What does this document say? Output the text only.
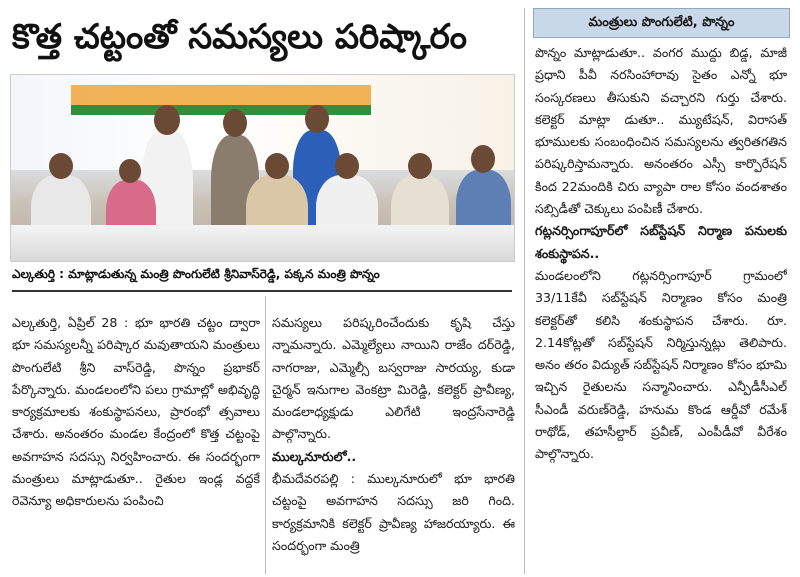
కొత్త చట్టంతో సమస్యలు పరిష్కారం
ఎల్కతుర్తి : మాట్లాడుతున్న మంత్రి పొంగులేటి శ్రీనివాస్‌రెడ్డి, పక్కన మంత్రి పొన్నం

ఎల్కతుర్తి, ఏప్రిల్ 28 : భూ భారతి చట్టం ద్వారా భూ సమస్యలన్నీ పరిష్కార మవుతాయని మంత్రులు పొంగులేటి శ్రీని వాస్‌రెడ్డి, పొన్నం ప్రభాకర్ పేర్కొన్నారు. మండలంలోని పలు గ్రామాల్లో అభివృద్ధి కార్యక్రమాలకు శంకుస్థాపనలు, ప్రారంభో త్సవాలు చేశారు. అనంతరం మండల కేంద్రంలో కొత్త చట్టంపై అవగాహన సదస్సు నిర్వహించారు. ఈ సందర్భంగా మంత్రులు మాట్లాడుతూ.. రైతుల ఇండ్ల వద్దకే రెవెన్యూ అధికారులను పంపించి

సమస్యలు పరిష్కరించేందుకు కృషి చేస్తు న్నామన్నారు. ఎమ్మెల్యేలు నాయిని రాజేం దర్‌రెడ్డి, నాగరాజు, ఎమ్మెల్సీ బస్వరాజు సారయ్య, కుడా చైర్మన్ ఇనుగాల వెంకట్రా మిరెడ్డి, కలెక్టర్ ప్రావీణ్య, మండలాధ్యక్షుడు ఎలిగేటి ఇంద్రసేనారెడ్డి పాల్గొన్నారు.

ముల్కనూరులో..

భీమదేవరపల్లి : ముల్కనూరులో భూ భారతి చట్టంపై అవగాహన సదస్సు జరి గింది. కార్యక్రమానికి కలెక్టర్ ప్రావీణ్య హాజరయ్యారు. ఈ సందర్భంగా మంత్రి

మంత్రులు పొంగులేటి, పొన్నం

పొన్నం మాట్లాడుతూ.. వంగర ముద్దు బిడ్డ, మాజీ ప్రధాని పీవీ నరసింహారావు సైతం ఎన్నో భూ సంస్కరణలు తీసుకుని వచ్చారని గుర్తు చేశారు. కలెక్టర్ మాట్లా డుతూ.. మ్యుటేషన్, విరాసత్ భూములకు సంబంధించిన సమస్యలను త్వరితగతిన పరిష్కరిస్తామన్నారు. అనంతరం ఎస్సీ కార్పొరేషన్ కింద 22మందికి చిరు వ్యాపా రాల కోసం వందశాతం సబ్సిడీతో చెక్కులు పంపిణీ చేశారు.

గట్లనర్సింగాపూర్‌లో సబ్‌స్టేషన్ నిర్మాణ పనులకు శంకుస్థాపన..

మండలంలోని గట్లనర్సింగాపూర్ గ్రామంలో 33/11కేవీ సబ్‌స్టేషన్ నిర్మాణం కోసం మంత్రి కలెక్టర్‌తో కలిసి శంకుస్థాపన చేశారు. రూ. 2.14కోట్లతో సబ్‌స్టేషన్ నిర్మిస్తున్నట్లు తెలిపారు. అనం తరం విద్యుత్ సబ్‌స్టేషన్ నిర్మాణం కోసం భూమి ఇచ్చిన రైతులను సన్మానించారు. ఎన్పీడీసీఎల్ సీఎండీ వరుణ్‌రెడ్డి, హనుమ కొండ ఆర్డీవో రమేశ్ రాథోడ్, తహసీల్దార్ ప్రవీణ్, ఎంపీడీవో వీరేశం పాల్గొన్నారు.
